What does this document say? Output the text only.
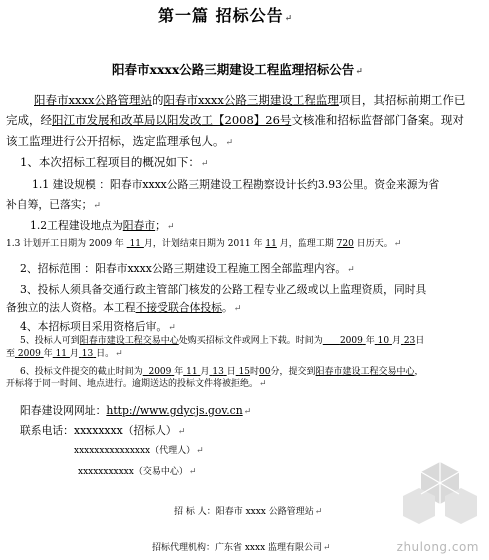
第一篇 招标公告↵
阳春市xxxx公路三期建设工程监理招标公告↵
阳春市xxxx公路管理站的阳春市xxxx公路三期建设工程监理项目，其招标前期工作已
完成，经阳江市发展和改革局以阳发改工【2008】26号文核准和招标监督部门备案。现对
该工监理进行公开招标，选定监理承包人。↵
1、本次招标工程项目的概况如下：↵
1.1 建设规模 ：阳春市xxxx公路三期建设工程勘察设计长约3.93公里。资金来源为省
补自筹，已落实；↵
1.2工程建设地点为阳春市；↵
1.3 计划开工日期为 2009 年 11 月，计划结束日期为 2011 年 11 月，监理工期 720 日历天。↵
2、招标范围 ：阳春市xxxx公路三期建设工程施工图全部监理内容。↵
3、投标人须具备交通行政主管部门核发的公路工程专业乙级或以上监理资质，同时具
备独立的法人资格。本工程不接受联合体投标。↵
4、本招标项目采用资格后审。↵
5、投标人可到阳春市建设工程交易中心处购买招标文件或网上下载。时间为 2009 年 10 月 23日
至 2009 年 11 月 13 日。↵
6、投标文件提交的截止时间为 2009 年 11 月 13 日 15时00分，提交到阳春市建设工程交易中心，
开标将于同一时间、地点进行。逾期送达的投标文件将被拒绝。↵
阳春建设网网址：http://www.gdycjs.gov.cn↵
联系电话：xxxxxxxx（招标人）↵
xxxxxxxxxxxxxxx（代理人）↵
xxxxxxxxxxx（交易中心）↵
招 标 人：阳春市 xxxx 公路管理站↵
招标代理机构：广东省 xxxx 监理有限公司↵	zhulong.com
